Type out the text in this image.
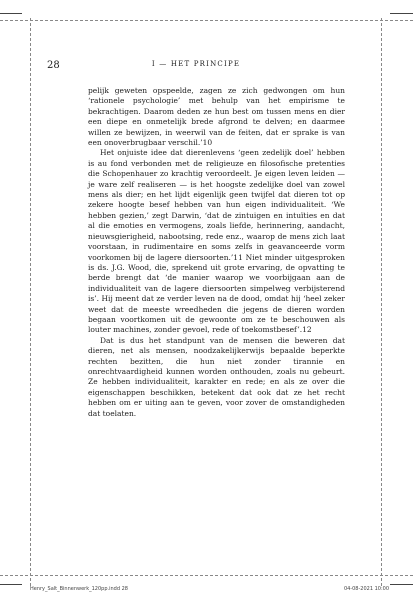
28	I — HET PRINCIPE

pelijk geweten opspeelde, zagen ze zich gedwongen om hun ‘rationele psychologie’ met behulp van het empirisme te bekrachtigen. Daarom deden ze hun best om tussen mens en dier een diepe en onmetelijk brede afgrond te delven; en daarmee willen ze bewijzen, in weerwil van de feiten, dat er sprake is van een onoverbrugbaar verschil.’10

Het onjuiste idee dat dierenlevens ‘geen zedelijk doel’ hebben is au fond verbonden met de religieuze en filosofische pretenties die Schopenhauer zo krachtig veroordeelt. Je eigen leven leiden — je ware zelf realiseren — is het hoogste zedelijke doel van zowel mens als dier; en het lijdt eigenlijk geen twijfel dat dieren tot op zekere hoogte besef hebben van hun eigen individualiteit. ‘We hebben gezien,’ zegt Darwin, ‘dat de zintuigen en intuïties en dat al die emoties en vermogens, zoals liefde, herinnering, aandacht, nieuwsgierigheid, nabootsing, rede enz., waarop de mens zich laat voorstaan, in rudimentaire en soms zelfs in geavanceerde vorm voorkomen bij de lagere diersoorten.’11 Niet minder uitgesproken is ds. J.G. Wood, die, sprekend uit grote ervaring, de opvatting te berde brengt dat ‘de manier waarop we voorbijgaan aan de individualiteit van de lagere diersoorten simpelweg verbijsterend is’. Hij meent dat ze verder leven na de dood, omdat hij ‘heel zeker weet dat de meeste wreedheden die jegens de dieren worden begaan voortkomen uit de gewoonte om ze te beschouwen als louter machines, zonder gevoel, rede of toekomstbesef’.12

Dat is dus het standpunt van de mensen die beweren dat dieren, net als mensen, noodzakelijkerwijs bepaalde beperkte rechten bezitten, die hun niet zonder tirannie en onrechtvaardigheid kunnen worden onthouden, zoals nu gebeurt. Ze hebben individualiteit, karakter en rede; en als ze over die eigenschappen beschikken, betekent dat ook dat ze het recht hebben om er uiting aan te geven, voor zover de omstandigheden dat toelaten.

Henry_Salt_Binnenwerk_120pp.indd 28	04-08-2021 10:00
